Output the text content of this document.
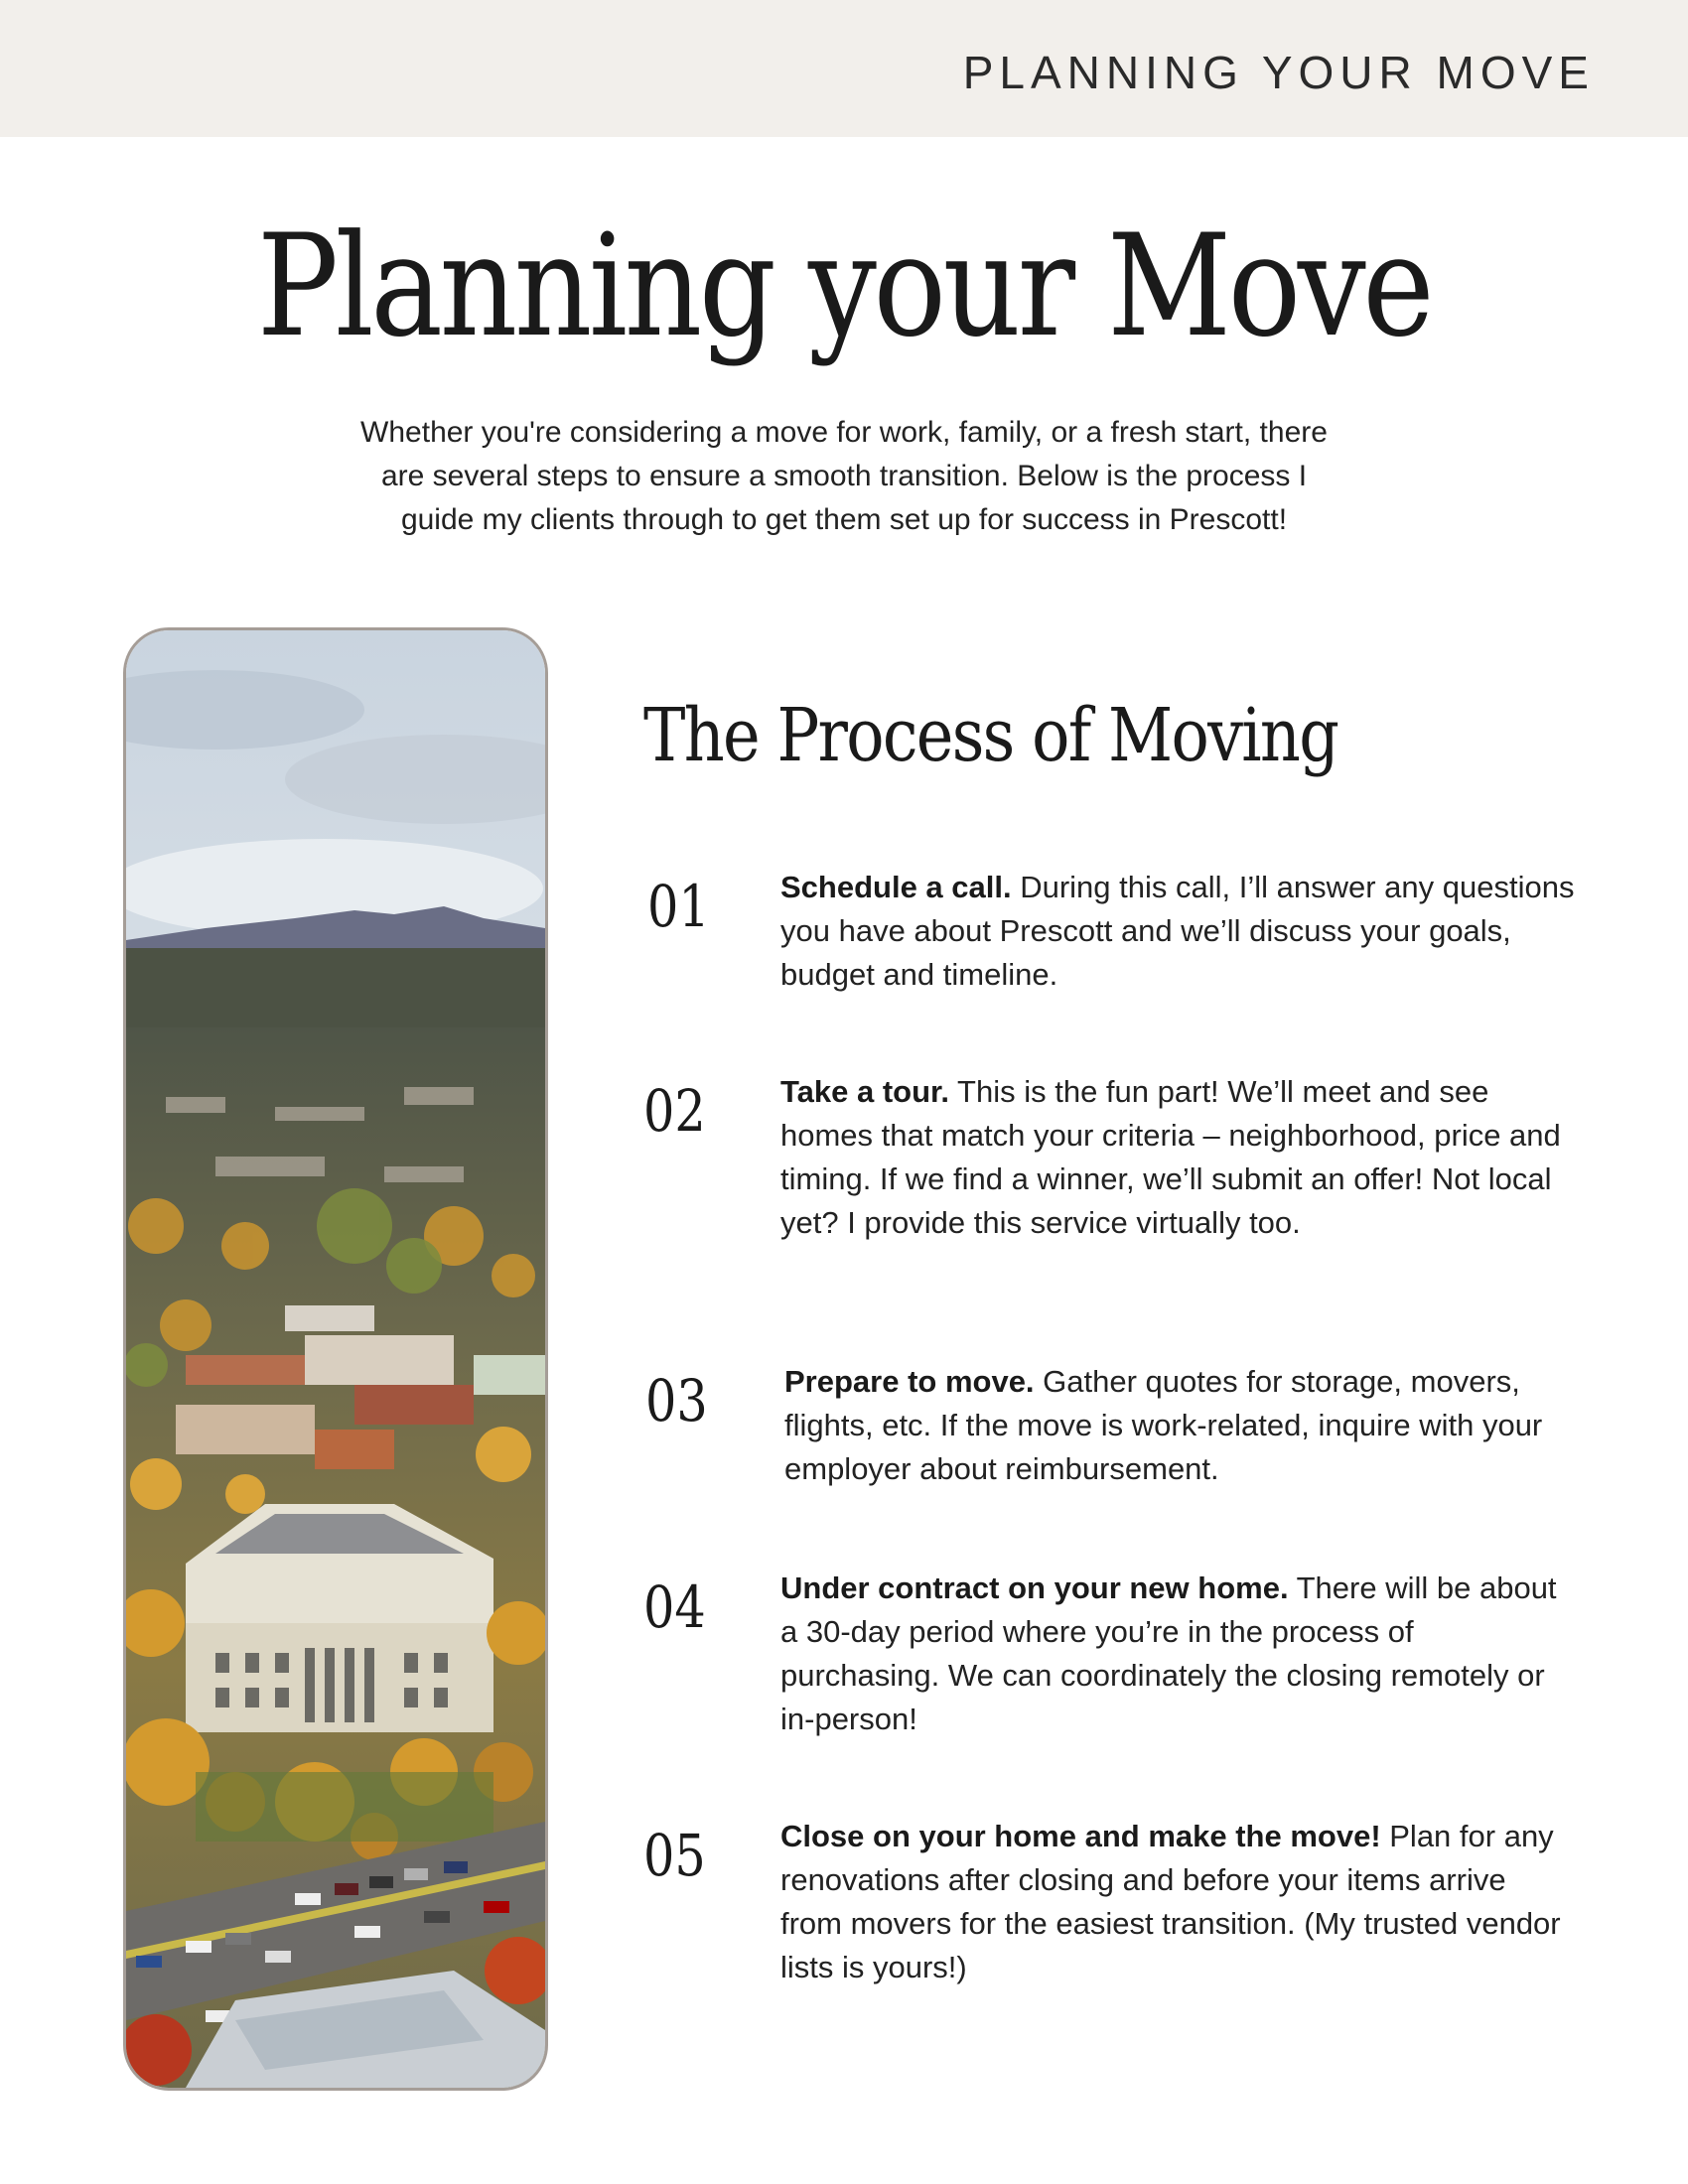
PLANNING YOUR MOVE
Planning your Move
Whether you're considering a move for work, family, or a fresh start, there
are several steps to ensure a smooth transition. Below is the process I
guide my clients through to get them set up for success in Prescott!
The Process of Moving
01 Schedule a call. During this call, I’ll answer any questions you have about Prescott and we’ll discuss your goals, budget and timeline.
02 Take a tour. This is the fun part! We’ll meet and see homes that match your criteria – neighborhood, price and timing. If we find a winner, we’ll submit an offer! Not local yet? I provide this service virtually too.
03 Prepare to move. Gather quotes for storage, movers, flights, etc. If the move is work-related, inquire with your employer about reimbursement.
04 Under contract on your new home. There will be about a 30-day period where you’re in the process of purchasing. We can coordinately the closing remotely or in-person!
05 Close on your home and make the move! Plan for any renovations after closing and before your items arrive from movers for the easiest transition. (My trusted vendor lists is yours!)
